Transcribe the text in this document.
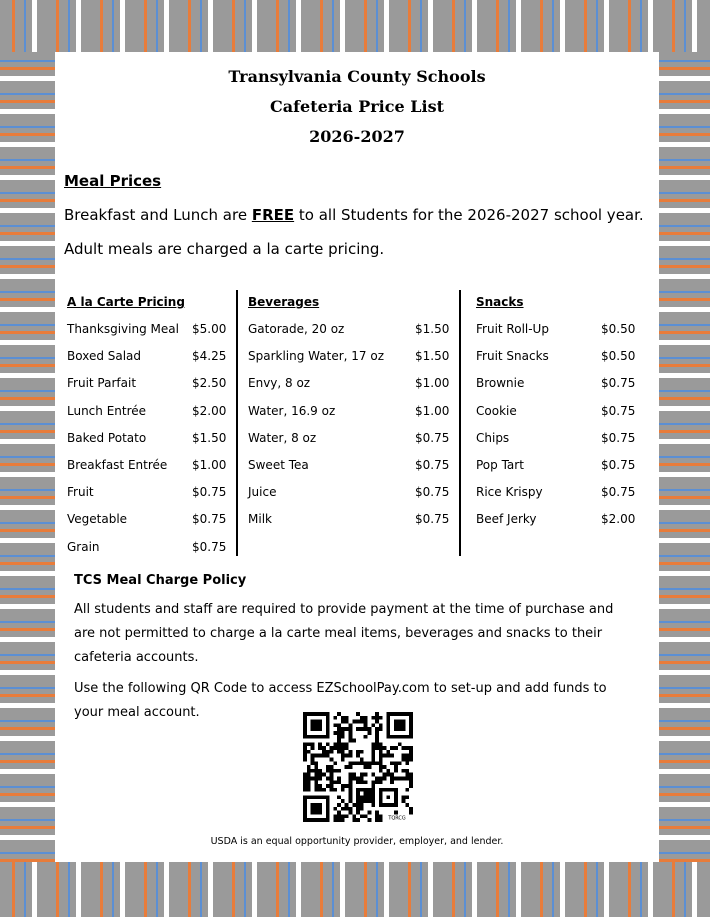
Transylvania County Schools
Cafeteria Price List
2026-2027
Meal Prices
Breakfast and Lunch are FREE to all Students for the 2026-2027 school year.
Adult meals are charged a la carte pricing.
A la Carte Pricing
Thanksgiving Meal $5.00
Boxed Salad	$4.25
Fruit Parfait	$2.50
Lunch Entrée	$2.00
Baked Potato	$1.50
Breakfast Entrée $1.00
Fruit	$0.75
Vegetable	$0.75
Grain	$0.75
Beverages
Gatorade, 20 oz	$1.50
Sparkling Water, 17 oz	$1.50
Envy, 8 oz	$1.00
Water, 16.9 oz	$1.00
Water, 8 oz	$0.75
Sweet Tea	$0.75
Juice	$0.75
Milk	$0.75
Snacks
Fruit Roll-Up	$0.50
Fruit Snacks	$0.50
Brownie	$0.75
Cookie	$0.75
Chips	$0.75
Pop Tart	$0.75
Rice Krispy	$0.75
Beef Jerky	$2.00
TCS Meal Charge Policy
All students and staff are required to provide payment at the time of purchase and
are not permitted to charge a la carte meal items, beverages and snacks to their
cafeteria accounts.
Use the following QR Code to access EZSchoolPay.com to set-up and add funds to
your meal account.
TQRCG
USDA is an equal opportunity provider, employer, and lender.
